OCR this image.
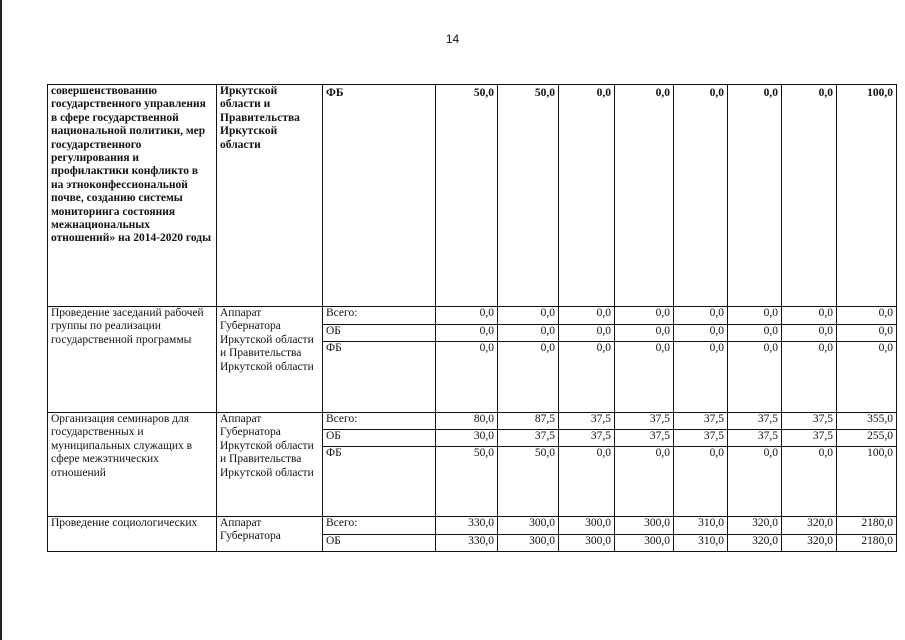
14
совершенствованию государственного управления в сфере государственной национальной политики, мер государственного регулирования и профилактики конфликто в на этноконфессиональной почве, созданию системы мониторинга состояния межнациональных отношений» на 2014-2020 годы	Иркутской области и Правительства Иркутской области	ФБ	50,0	50,0	0,0	0,0	0,0	0,0	0,0	100,0
Проведение заседаний рабочей группы по реализации государственной программы	Аппарат Губернатора Иркутской области и Правительства Иркутской области	Всего:	0,0	0,0	0,0	0,0	0,0	0,0	0,0	0,0
		ОБ	0,0	0,0	0,0	0,0	0,0	0,0	0,0	0,0
		ФБ	0,0	0,0	0,0	0,0	0,0	0,0	0,0	0,0
Организация семинаров для государственных и муниципальных служащих в сфере межэтнических отношений	Аппарат Губернатора Иркутской области и Правительства Иркутской области	Всего:	80,0	87,5	37,5	37,5	37,5	37,5	37,5	355,0
		ОБ	30,0	37,5	37,5	37,5	37,5	37,5	37,5	255,0
		ФБ	50,0	50,0	0,0	0,0	0,0	0,0	0,0	100,0
Проведение социологических	Аппарат Губернатора	Всего:	330,0	300,0	300,0	300,0	310,0	320,0	320,0	2180,0
		ОБ	330,0	300,0	300,0	300,0	310,0	320,0	320,0	2180,0
